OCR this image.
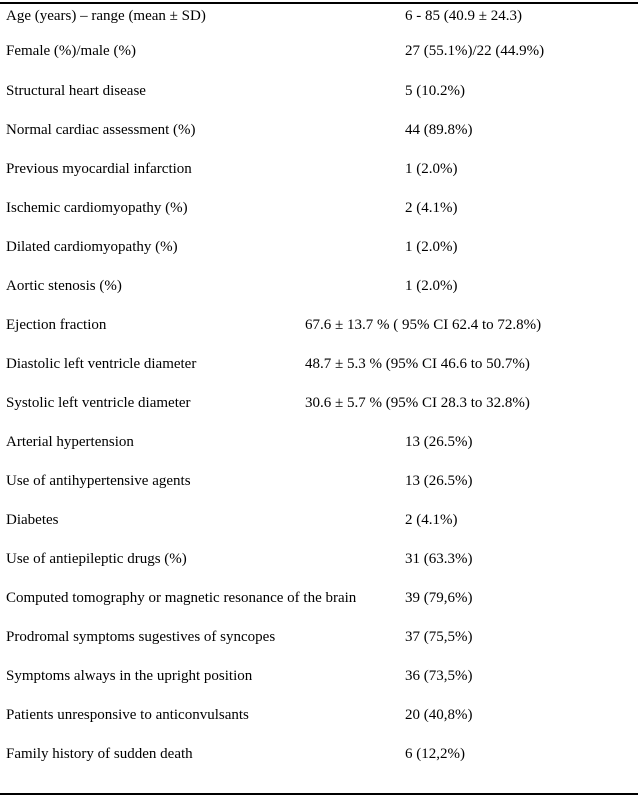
Age (years) – range (mean ± SD)	6 - 85 (40.9 ± 24.3)
Female (%)/male (%)	27 (55.1%)/22 (44.9%)
Structural heart disease	5 (10.2%)
Normal cardiac assessment (%)	44 (89.8%)
Previous myocardial infarction	1 (2.0%)
Ischemic cardiomyopathy (%)	2 (4.1%)
Dilated cardiomyopathy (%)	1 (2.0%)
Aortic stenosis (%)	1 (2.0%)
Ejection fraction	67.6 ± 13.7 % ( 95% CI 62.4 to 72.8%)
Diastolic left ventricle diameter	48.7 ± 5.3 % (95% CI 46.6 to 50.7%)
Systolic left ventricle diameter	30.6 ± 5.7 % (95% CI 28.3 to 32.8%)
Arterial hypertension	13 (26.5%)
Use of antihypertensive agents	13 (26.5%)
Diabetes	2 (4.1%)
Use of antiepileptic drugs (%)	31 (63.3%)
Computed tomography or magnetic resonance of the brain	39 (79,6%)
Prodromal symptoms sugestives of syncopes	37 (75,5%)
Symptoms always in the upright position	36 (73,5%)
Patients unresponsive to anticonvulsants	20 (40,8%)
Family history of sudden death	6 (12,2%)
